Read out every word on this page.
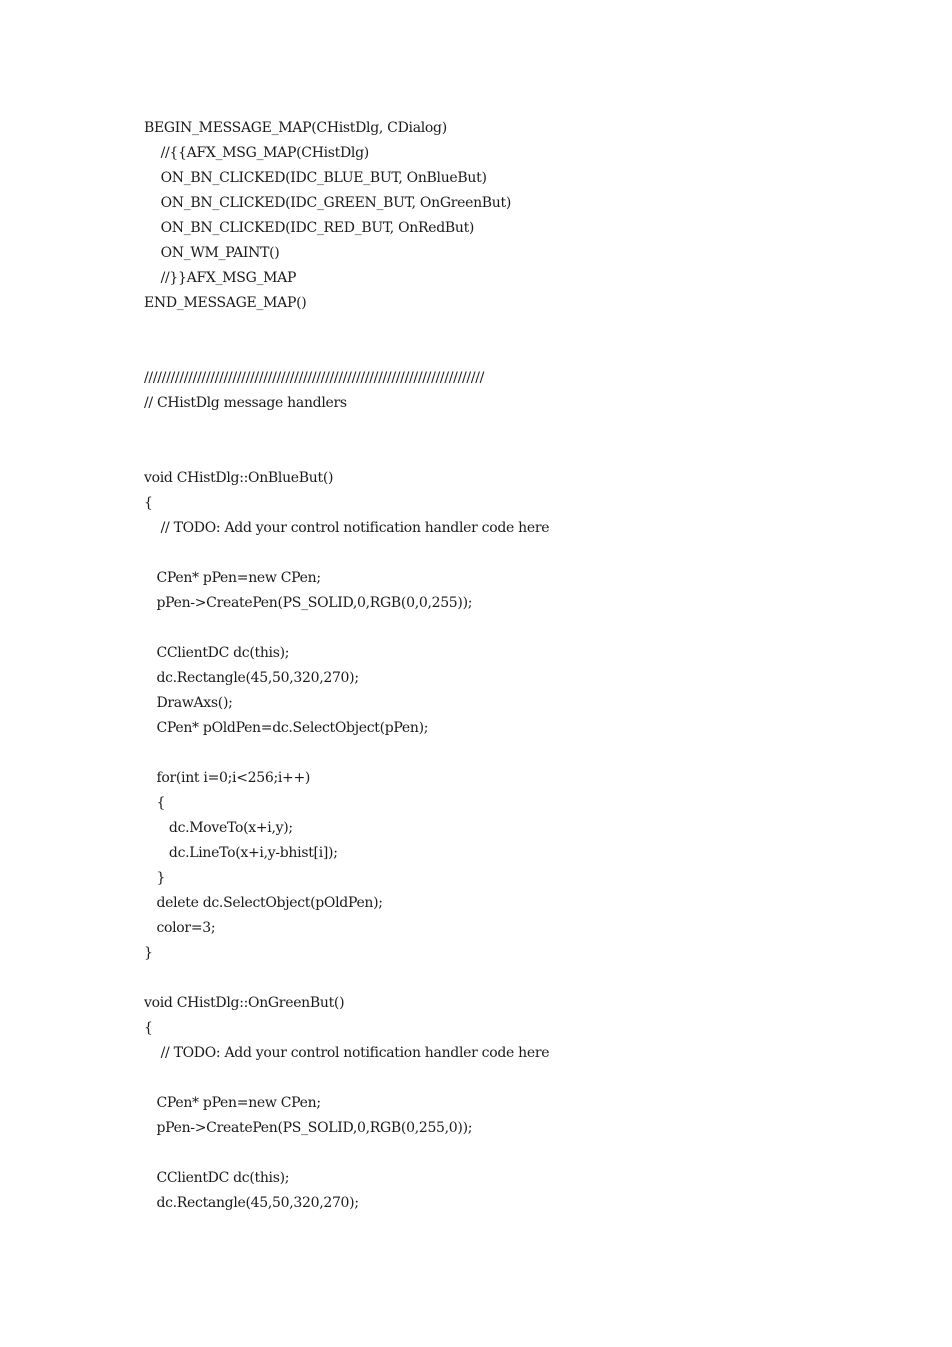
BEGIN_MESSAGE_MAP(CHistDlg, CDialog)
//{{AFX_MSG_MAP(CHistDlg)
ON_BN_CLICKED(IDC_BLUE_BUT, OnBlueBut)
ON_BN_CLICKED(IDC_GREEN_BUT, OnGreenBut)
ON_BN_CLICKED(IDC_RED_BUT, OnRedBut)
ON_WM_PAINT()
//}}AFX_MSG_MAP
END_MESSAGE_MAP()
/////////////////////////////////////////////////////////////////////////////
// CHistDlg message handlers
void CHistDlg::OnBlueBut()
{
// TODO: Add your control notification handler code here
CPen* pPen=new CPen;
pPen->CreatePen(PS_SOLID,0,RGB(0,0,255));
CClientDC dc(this);
dc.Rectangle(45,50,320,270);
DrawAxs();
CPen* pOldPen=dc.SelectObject(pPen);
for(int i=0;i<256;i++)
{
dc.MoveTo(x+i,y);
dc.LineTo(x+i,y-bhist[i]);
}
delete dc.SelectObject(pOldPen);
color=3;
}
void CHistDlg::OnGreenBut()
{
// TODO: Add your control notification handler code here
CPen* pPen=new CPen;
pPen->CreatePen(PS_SOLID,0,RGB(0,255,0));
CClientDC dc(this);
dc.Rectangle(45,50,320,270);
